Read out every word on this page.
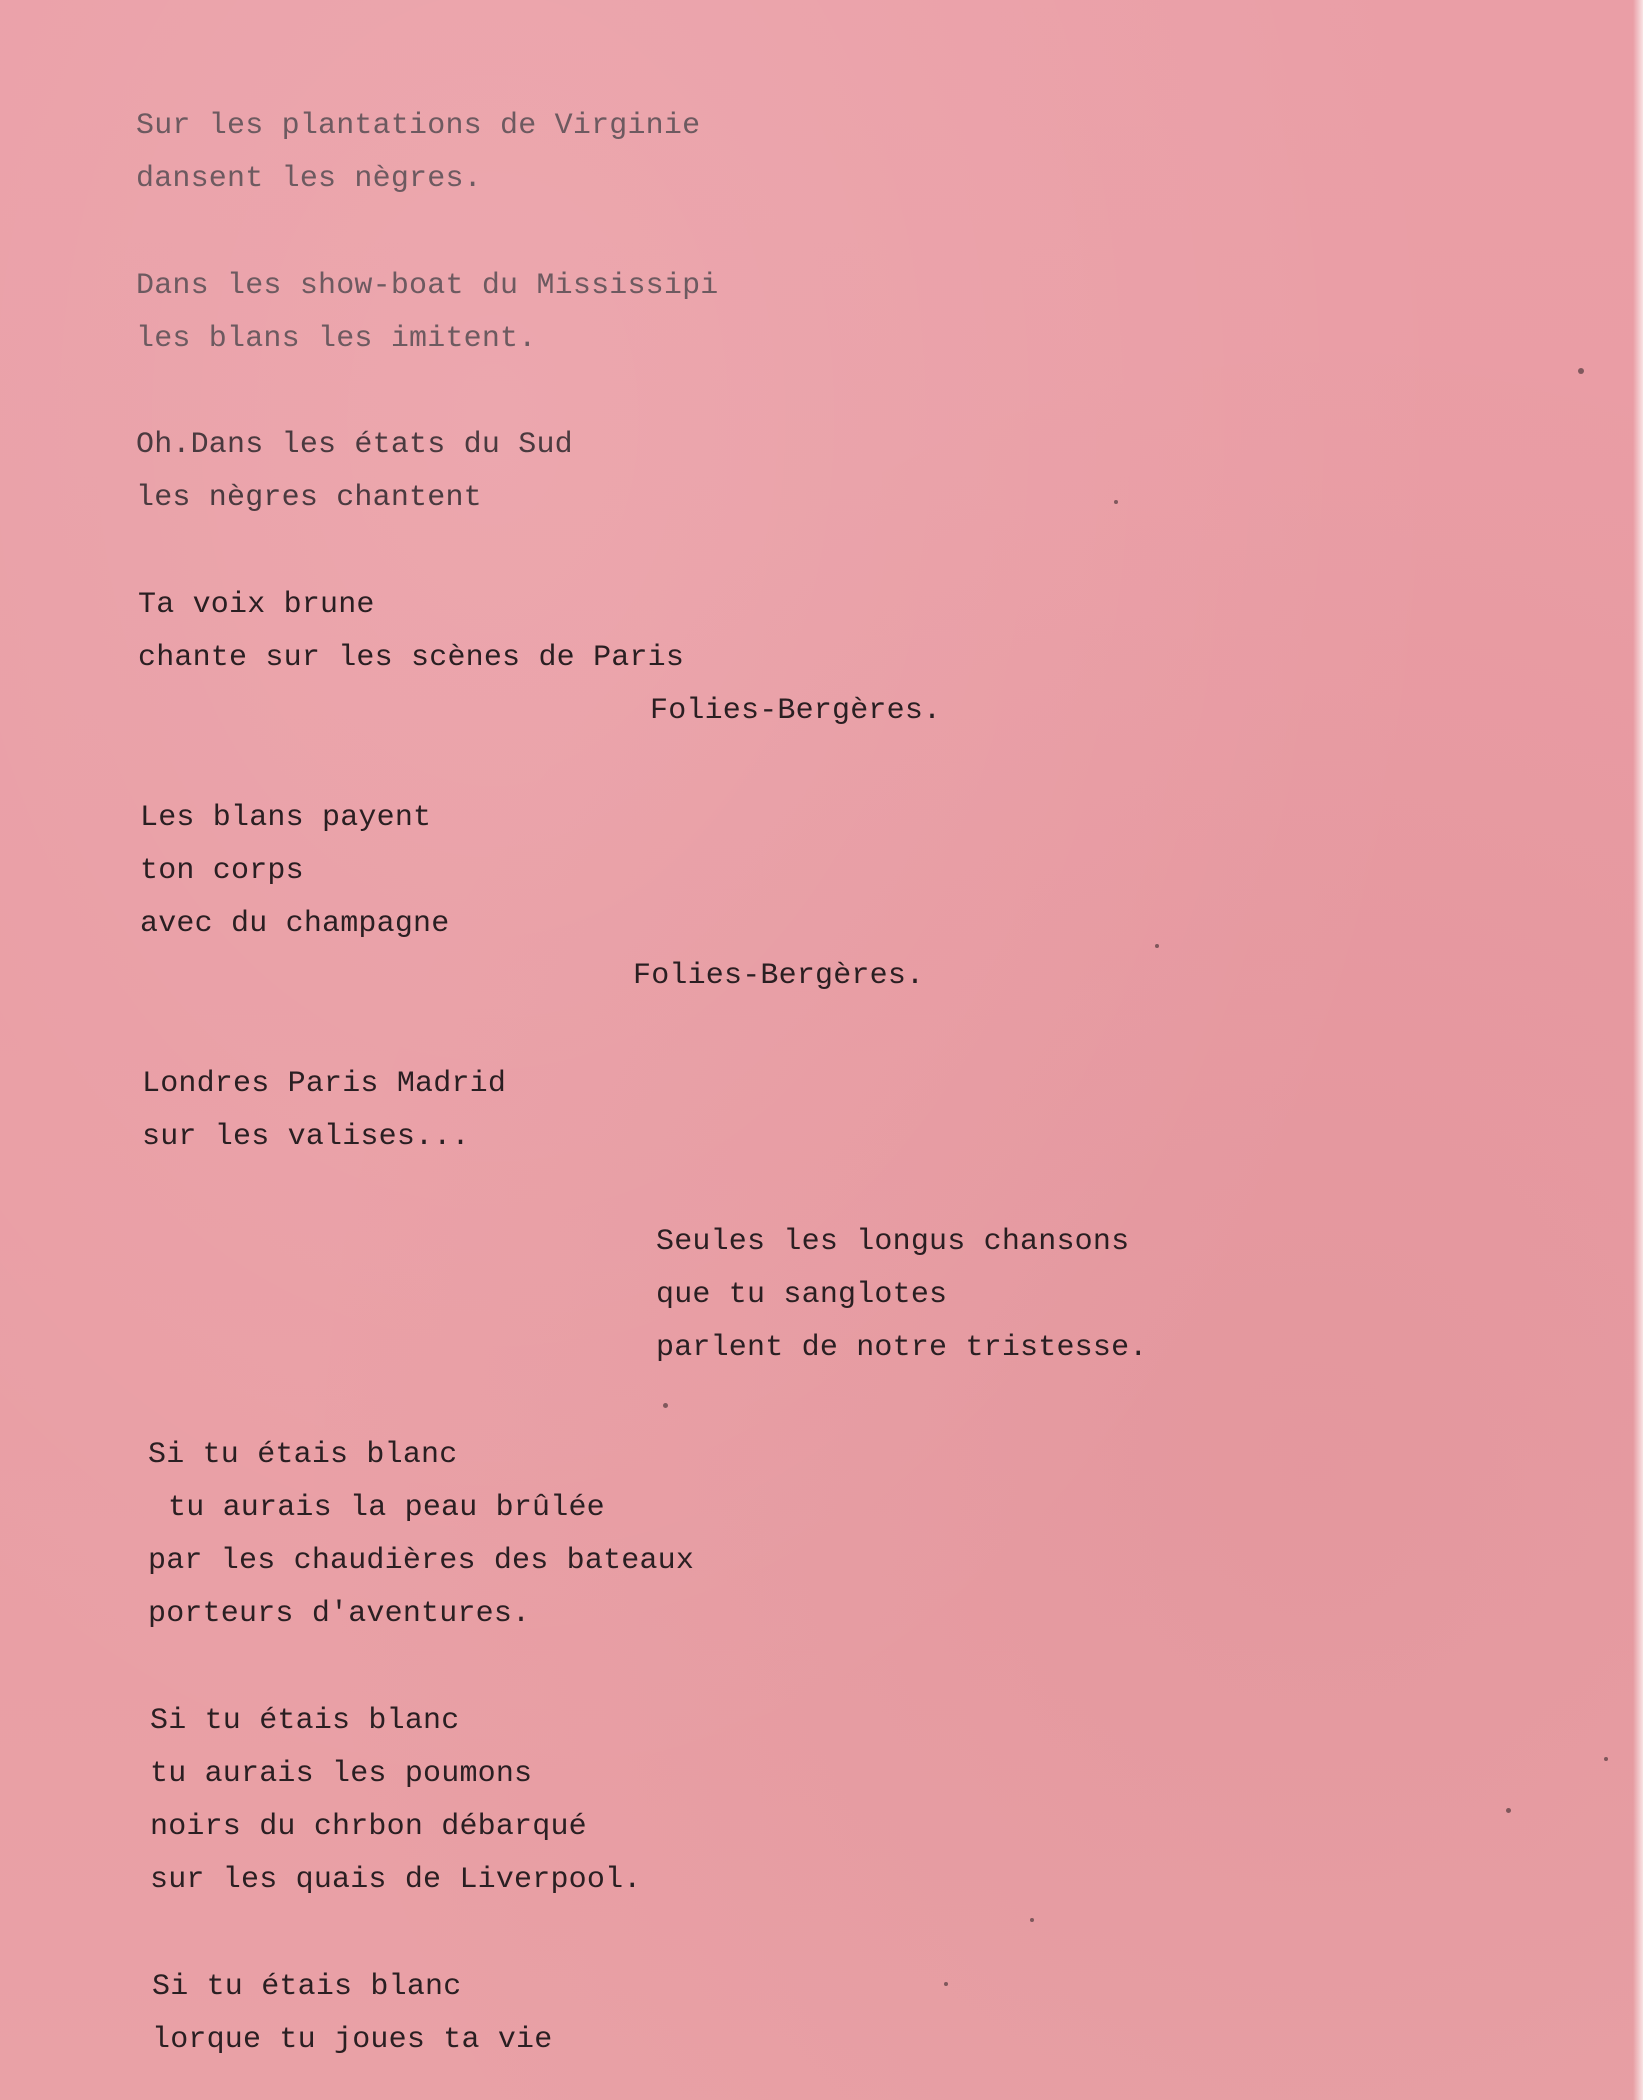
Sur les plantations de Virginie

dansent les nègres.

Dans les show-boat du Mississipi

les blans les imitent.

Oh.Dans les états du Sud

les nègres chantent

Ta voix brune

chante sur les scènes de Paris

Folies-Bergères.

Les blans payent

ton corps

avec du champagne

Folies-Bergères.

Londres Paris Madrid

sur les valises...

Seules les longus chansons

que tu sanglotes

parlent de notre tristesse.

Si tu étais blanc

tu aurais la peau brûlée

par les chaudières des bateaux

porteurs d'aventures.

Si tu étais blanc

tu aurais les poumons

noirs du chrbon débarqué

sur les quais de Liverpool.

Si tu étais blanc

lorque tu joues ta vie
